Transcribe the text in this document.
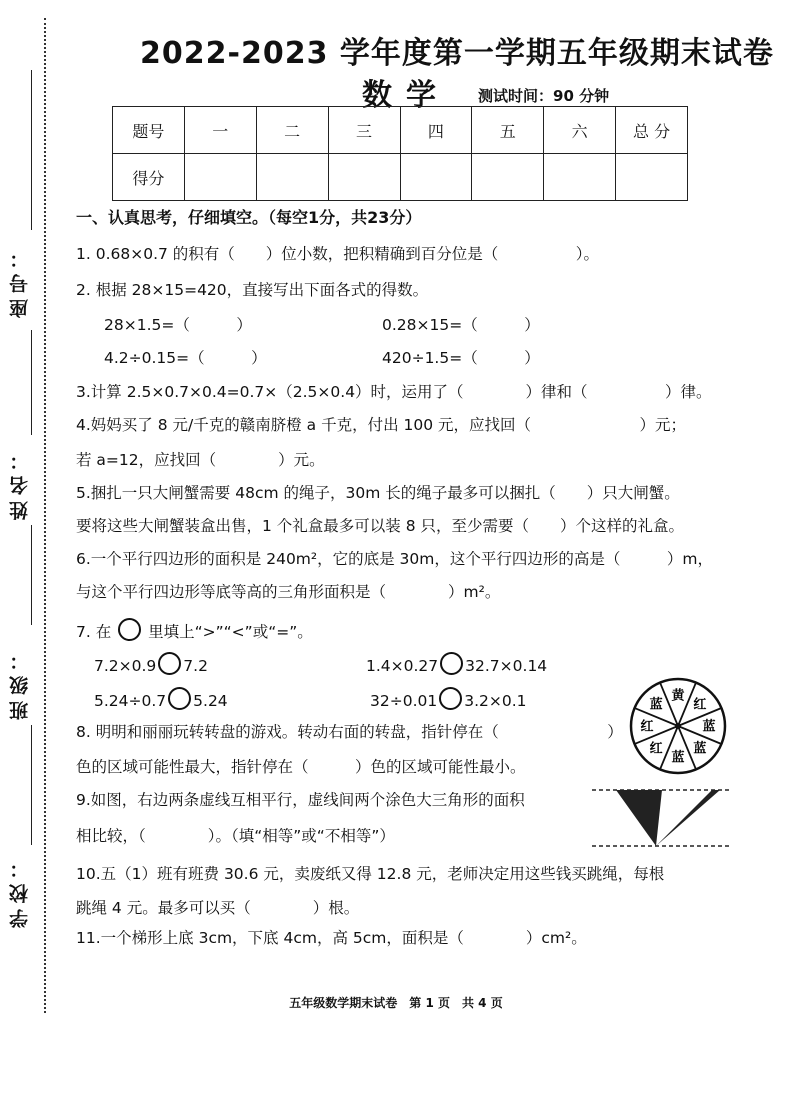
座号：
姓名：
班级：
学校：
2022-2023 学年度第一学期五年级期末试卷
数学 测试时间：90 分钟
题号	一	二	三	四	五	六	总 分
得分							
一、认真思考，仔细填空。（每空1分，共23分）
1. 0.68×0.7 的积有（　　）位小数，把积精确到百分位是（　　　　　）。
2. 根据 28×15=420，直接写出下面各式的得数。
28×1.5=（　　　）	0.28×15=（　　　）
4.2÷0.15=（　　　）	420÷1.5=（　　　）
3.计算 2.5×0.7×0.4=0.7×（2.5×0.4）时，运用了（　　　　）律和（　　　　　）律。
4.妈妈买了 8 元/千克的赣南脐橙 a 千克，付出 100 元，应找回（　　　　　　　）元；
若 a=12，应找回（　　　　）元。
5.捆扎一只大闸蟹需要 48cm 的绳子，30m 长的绳子最多可以捆扎（　　）只大闸蟹。
要将这些大闸蟹装盒出售，1 个礼盒最多可以装 8 只，至少需要（　　）个这样的礼盒。
6.一个平行四边形的面积是 240m²，它的底是 30m，这个平行四边形的高是（　　　）m，
与这个平行四边形等底等高的三角形面积是（　　　　）m²。
7. 在 里填上“>”“<”或“=”。
7.2×0.9 7.2	1.4×0.27 32.7×0.14
5.24÷0.7 5.24	32÷0.01 3.2×0.1
8. 明明和丽丽玩转转盘的游戏。转动右面的转盘，指针停在（　　　　　　　）
色的区域可能性最大，指针停在（　　　）色的区域可能性最小。
黄
红
蓝
蓝
蓝
红
红
蓝
9.如图，右边两条虚线互相平行，虚线间两个涂色大三角形的面积
相比较，（　　　　）。（填“相等”或“不相等”）
10.五（1）班有班费 30.6 元，卖废纸又得 12.8 元，老师决定用这些钱买跳绳，每根
跳绳 4 元。最多可以买（　　　　）根。
11.一个梯形上底 3cm，下底 4cm，高 5cm，面积是（　　　　）cm²。
五年级数学期末试卷　第 1 页　共 4 页
